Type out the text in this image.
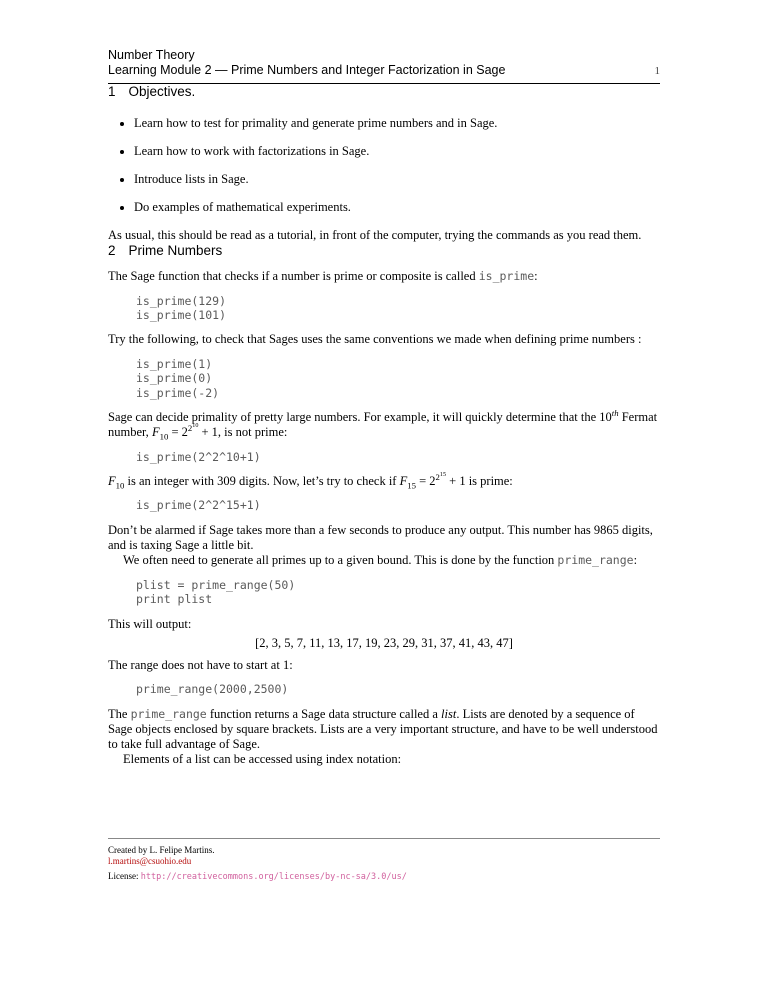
Number Theory
Learning Module 2 — Prime Numbers and Integer Factorization in Sage	1
1 Objectives.
• Learn how to test for primality and generate prime numbers and in Sage.
• Learn how to work with factorizations in Sage.
• Introduce lists in Sage.
• Do examples of mathematical experiments.

As usual, this should be read as a tutorial, in front of the computer, trying the commands as you read them.

2 Prime Numbers

The Sage function that checks if a number is prime or composite is called is_prime:

is_prime(129)
is_prime(101)

Try the following, to check that Sages uses the same conventions we made when defining prime numbers :

is_prime(1)
is_prime(0)
is_prime(-2)

Sage can decide primality of pretty large numbers. For example, it will quickly determine that the 10th Fermat number, $F_{10} = 2^{2^{10}} + 1$, is not prime:

is_prime(2^2^10+1)

$F_{10}$ is an integer with 309 digits. Now, let’s try to check if $F_{15} = 2^{2^{15}} + 1$ is prime:

is_prime(2^2^15+1)

Don’t be alarmed if Sage takes more than a few seconds to produce any output. This number has 9865 digits, and is taxing Sage a little bit.

We often need to generate all primes up to a given bound. This is done by the function prime_range:

plist = prime_range(50)
print plist

This will output:

[2, 3, 5, 7, 11, 13, 17, 19, 23, 29, 31, 37, 41, 43, 47]

The range does not have to start at 1:

prime_range(2000,2500)

The prime_range function returns a Sage data structure called a list. Lists are denoted by a sequence of Sage objects enclosed by square brackets. Lists are a very important structure, and have to be well understood to take full advantage of Sage.

Elements of a list can be accessed using index notation:

Created by L. Felipe Martins.
l.martins@csuohio.edu
License: http://creativecommons.org/licenses/by-nc-sa/3.0/us/
